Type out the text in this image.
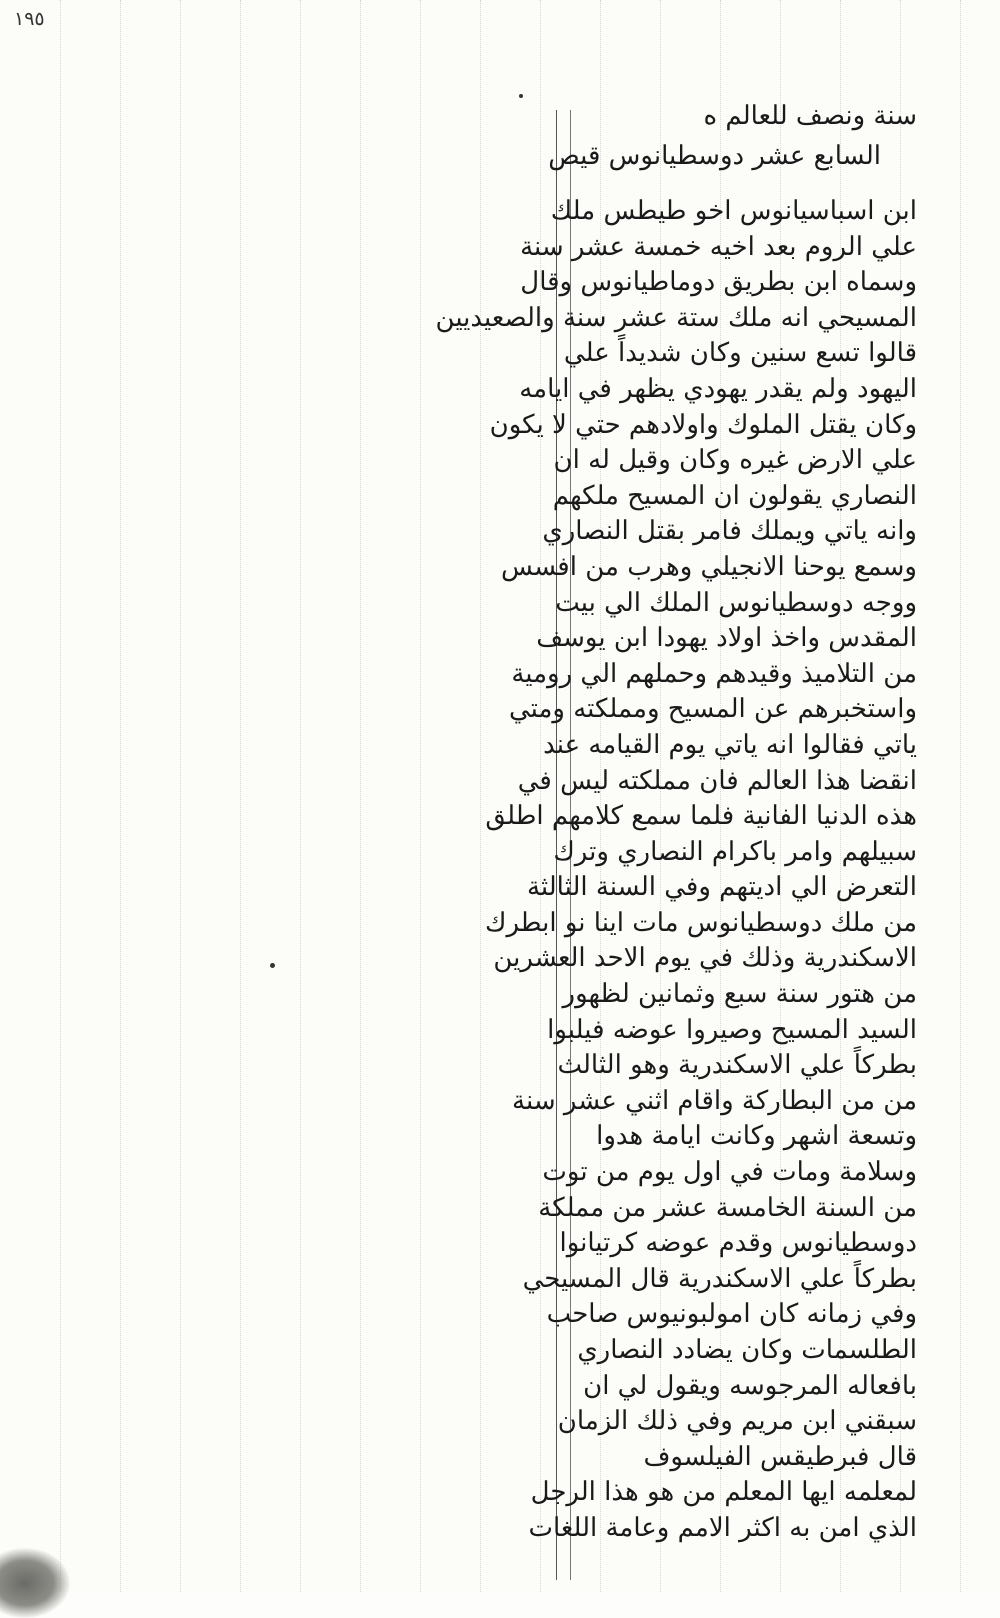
١٩٥
سنة ونصف للعالم ه
السابع عشر دوسطيانوس قيص
ابن اسباسيانوس اخو طيطس ملك
علي الروم بعد اخيه خمسة عشر سنة
وسماه ابن بطريق دوماطيانوس وقال
المسيحي انه ملك ستة عشر سنة والصعيديين
قالوا تسع سنين وكان شديداً علي
اليهود ولم يقدر يهودي يظهر في ايامه
وكان يقتل الملوك واولادهم حتي لا يكون
علي الارض غيره وكان وقيل له ان
النصاري يقولون ان المسيح ملكهم
وانه ياتي ويملك فامر بقتل النصاري
وسمع يوحنا الانجيلي وهرب من افسس
ووجه دوسطيانوس الملك الي بيت
المقدس واخذ اولاد يهودا ابن يوسف
من التلاميذ وقيدهم وحملهم الي رومية
واستخبرهم عن المسيح ومملكته ومتي
ياتي فقالوا انه ياتي يوم القيامه عند
انقضا هذا العالم فان مملكته ليس في
هذه الدنيا الفانية فلما سمع كلامهم اطلق
سبيلهم وامر باكرام النصاري وترك
التعرض الي اديتهم وفي السنة الثالثة
من ملك دوسطيانوس مات اينا نو ابطرك
الاسكندرية وذلك في يوم الاحد العشرين
من هتور سنة سبع وثمانين لظهور
السيد المسيح وصيروا عوضه فيلبوا
بطركاً علي الاسكندرية وهو الثالث
من من البطاركة واقام اثني عشر سنة
وتسعة اشهر وكانت ايامة هدوا
وسلامة ومات في اول يوم من توت
من السنة الخامسة عشر من مملكة
دوسطيانوس وقدم عوضه كرتيانوا
بطركاً علي الاسكندرية قال المسيحي
وفي زمانه كان امولبونيوس صاحب
الطلسمات وكان يضادد النصاري
بافعاله المرجوسه ويقول لي ان
سبقني ابن مريم وفي ذلك الزمان
قال فبرطيقس الفيلسوف
لمعلمه ايها المعلم من هو هذا الرجل
الذي امن به اكثر الامم وعامة اللغات
